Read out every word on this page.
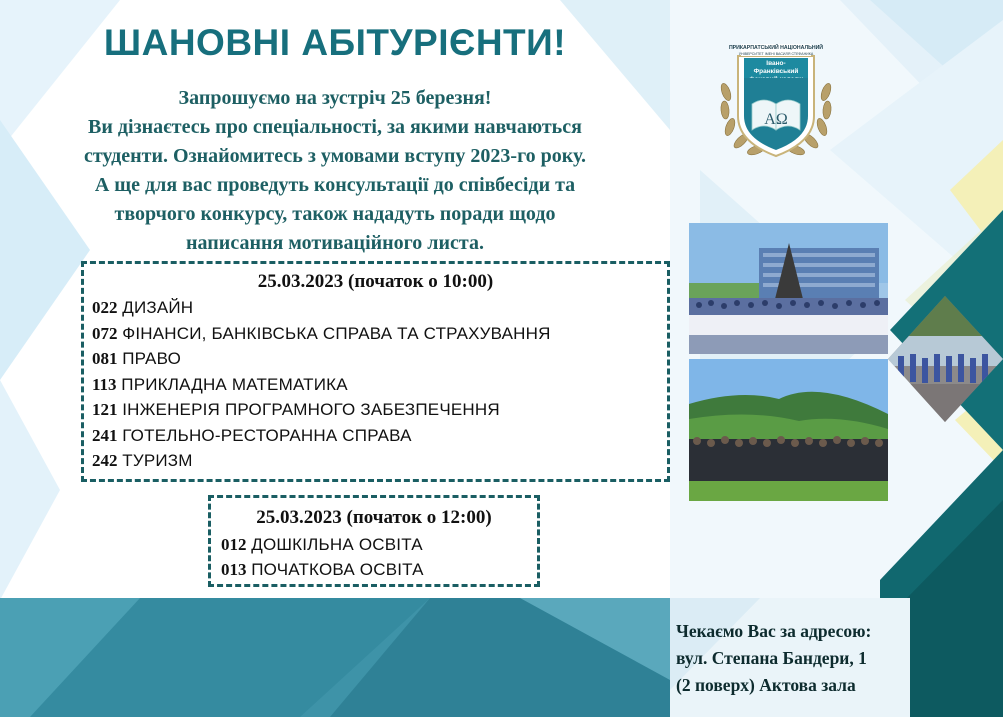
ШАНОВНІ АБІТУРІЄНТИ!
Запрошуємо на зустріч 25 березня!
Ви дізнаєтесь про спеціальності, за якими навчаються
студенти. Ознайомитесь з умовами вступу 2023-го року.
А ще для вас проведуть консультації до співбесіди та
творчого конкурсу, також нададуть поради щодо
написання мотиваційного листа.
25.03.2023 (початок о 10:00)
022 ДИЗАЙН
072 ФІНАНСИ, БАНКІВСЬКА СПРАВА ТА СТРАХУВАННЯ
081 ПРАВО
113 ПРИКЛАДНА МАТЕМАТИКА
121 ІНЖЕНЕРІЯ ПРОГРАМНОГО ЗАБЕЗПЕЧЕННЯ
241 ГОТЕЛЬНО-РЕСТОРАННА СПРАВА
242 ТУРИЗМ
25.03.2023 (початок о 12:00)
012 ДОШКІЛЬНА ОСВІТА
013 ПОЧАТКОВА ОСВІТА
ПРИКАРПАТСЬКИЙ НАЦІОНАЛЬНИЙ
УНІВЕРСИТЕТ ІМЕНІ ВАСИЛЯ СТЕФАНИКА
Івано-Франківський
АΩ
Чекаємо Вас за адресою:
вул. Степана Бандери, 1
(2 поверх) Актова зала
